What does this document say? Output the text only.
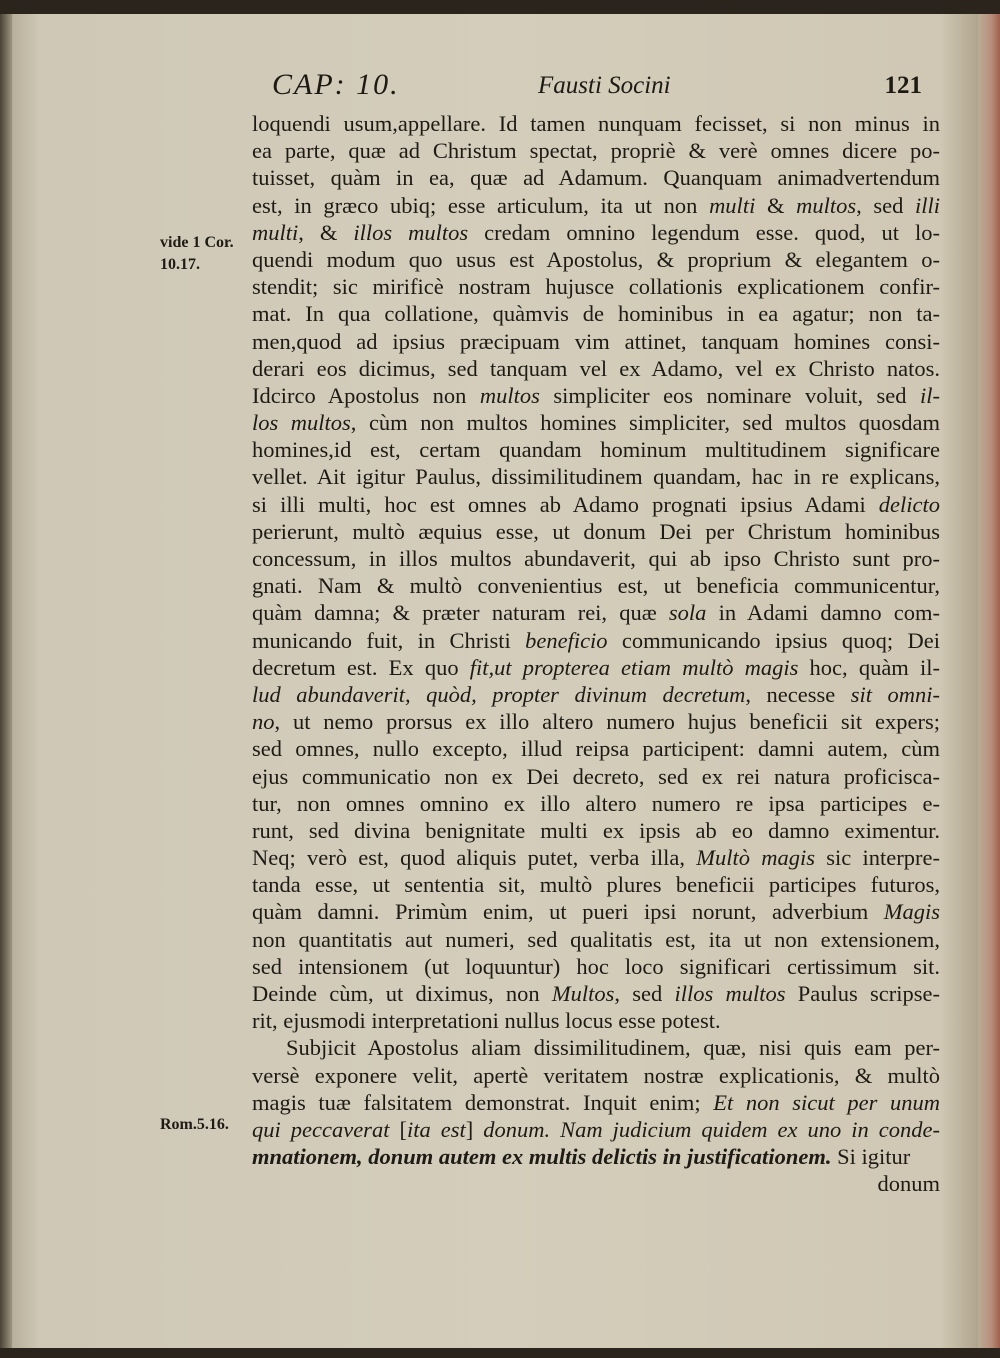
CAP: 10.	Fausti Socini	121
vide 1 Cor. 10.17.
Rom.5.16.
loquendi usum,appellare. Id tamen nunquam fecisset, si non minus in
ea parte, quæ ad Christum spectat, propriè & verè omnes dicere po-
tuisset, quàm in ea, quæ ad Adamum. Quanquam animadvertendum
est, in græco ubiq; esse articulum, ita ut non multi & multos, sed illi
multi, & illos multos credam omnino legendum esse. quod, ut lo-
quendi modum quo usus est Apostolus, & proprium & elegantem o-
stendit; sic mirificè nostram hujusce collationis explicationem confir-
mat. In qua collatione, quàmvis de hominibus in ea agatur; non ta-
men,quod ad ipsius præcipuam vim attinet, tanquam homines consi-
derari eos dicimus, sed tanquam vel ex Adamo, vel ex Christo natos.
Idcirco Apostolus non multos simpliciter eos nominare voluit, sed il-
los multos, cùm non multos homines simpliciter, sed multos quosdam
homines,id est, certam quandam hominum multitudinem significare
vellet. Ait igitur Paulus, dissimilitudinem quandam, hac in re explicans,
si illi multi, hoc est omnes ab Adamo prognati ipsius Adami delicto
perierunt, multò æquius esse, ut donum Dei per Christum hominibus
concessum, in illos multos abundaverit, qui ab ipso Christo sunt pro-
gnati. Nam & multò convenientius est, ut beneficia communicentur,
quàm damna; & præter naturam rei, quæ sola in Adami damno com-
municando fuit, in Christi beneficio communicando ipsius quoq; Dei
decretum est. Ex quo fit,ut propterea etiam multò magis hoc, quàm il-
lud abundaverit, quòd, propter divinum decretum, necesse sit omni-
no, ut nemo prorsus ex illo altero numero hujus beneficii sit expers;
sed omnes, nullo excepto, illud reipsa participent: damni autem, cùm
ejus communicatio non ex Dei decreto, sed ex rei natura proficisca-
tur, non omnes omnino ex illo altero numero re ipsa participes e-
runt, sed divina benignitate multi ex ipsis ab eo damno eximentur.
Neq; verò est, quod aliquis putet, verba illa, Multò magis sic interpre-
tanda esse, ut sententia sit, multò plures beneficii participes futuros,
quàm damni. Primùm enim, ut pueri ipsi norunt, adverbium Magis
non quantitatis aut numeri, sed qualitatis est, ita ut non extensionem,
sed intensionem (ut loquuntur) hoc loco significari certissimum sit.
Deinde cùm, ut diximus, non Multos, sed illos multos Paulus scripse-
rit, ejusmodi interpretationi nullus locus esse potest.
Subjicit Apostolus aliam dissimilitudinem, quæ, nisi quis eam per-
versè exponere velit, apertè veritatem nostræ explicationis, & multò
magis tuæ falsitatem demonstrat. Inquit enim; Et non sicut per unum
qui peccaverat [ita est] donum. Nam judicium quidem ex uno in conde-
mnationem, donum autem ex multis delictis in justificationem. Si igitur
donum
